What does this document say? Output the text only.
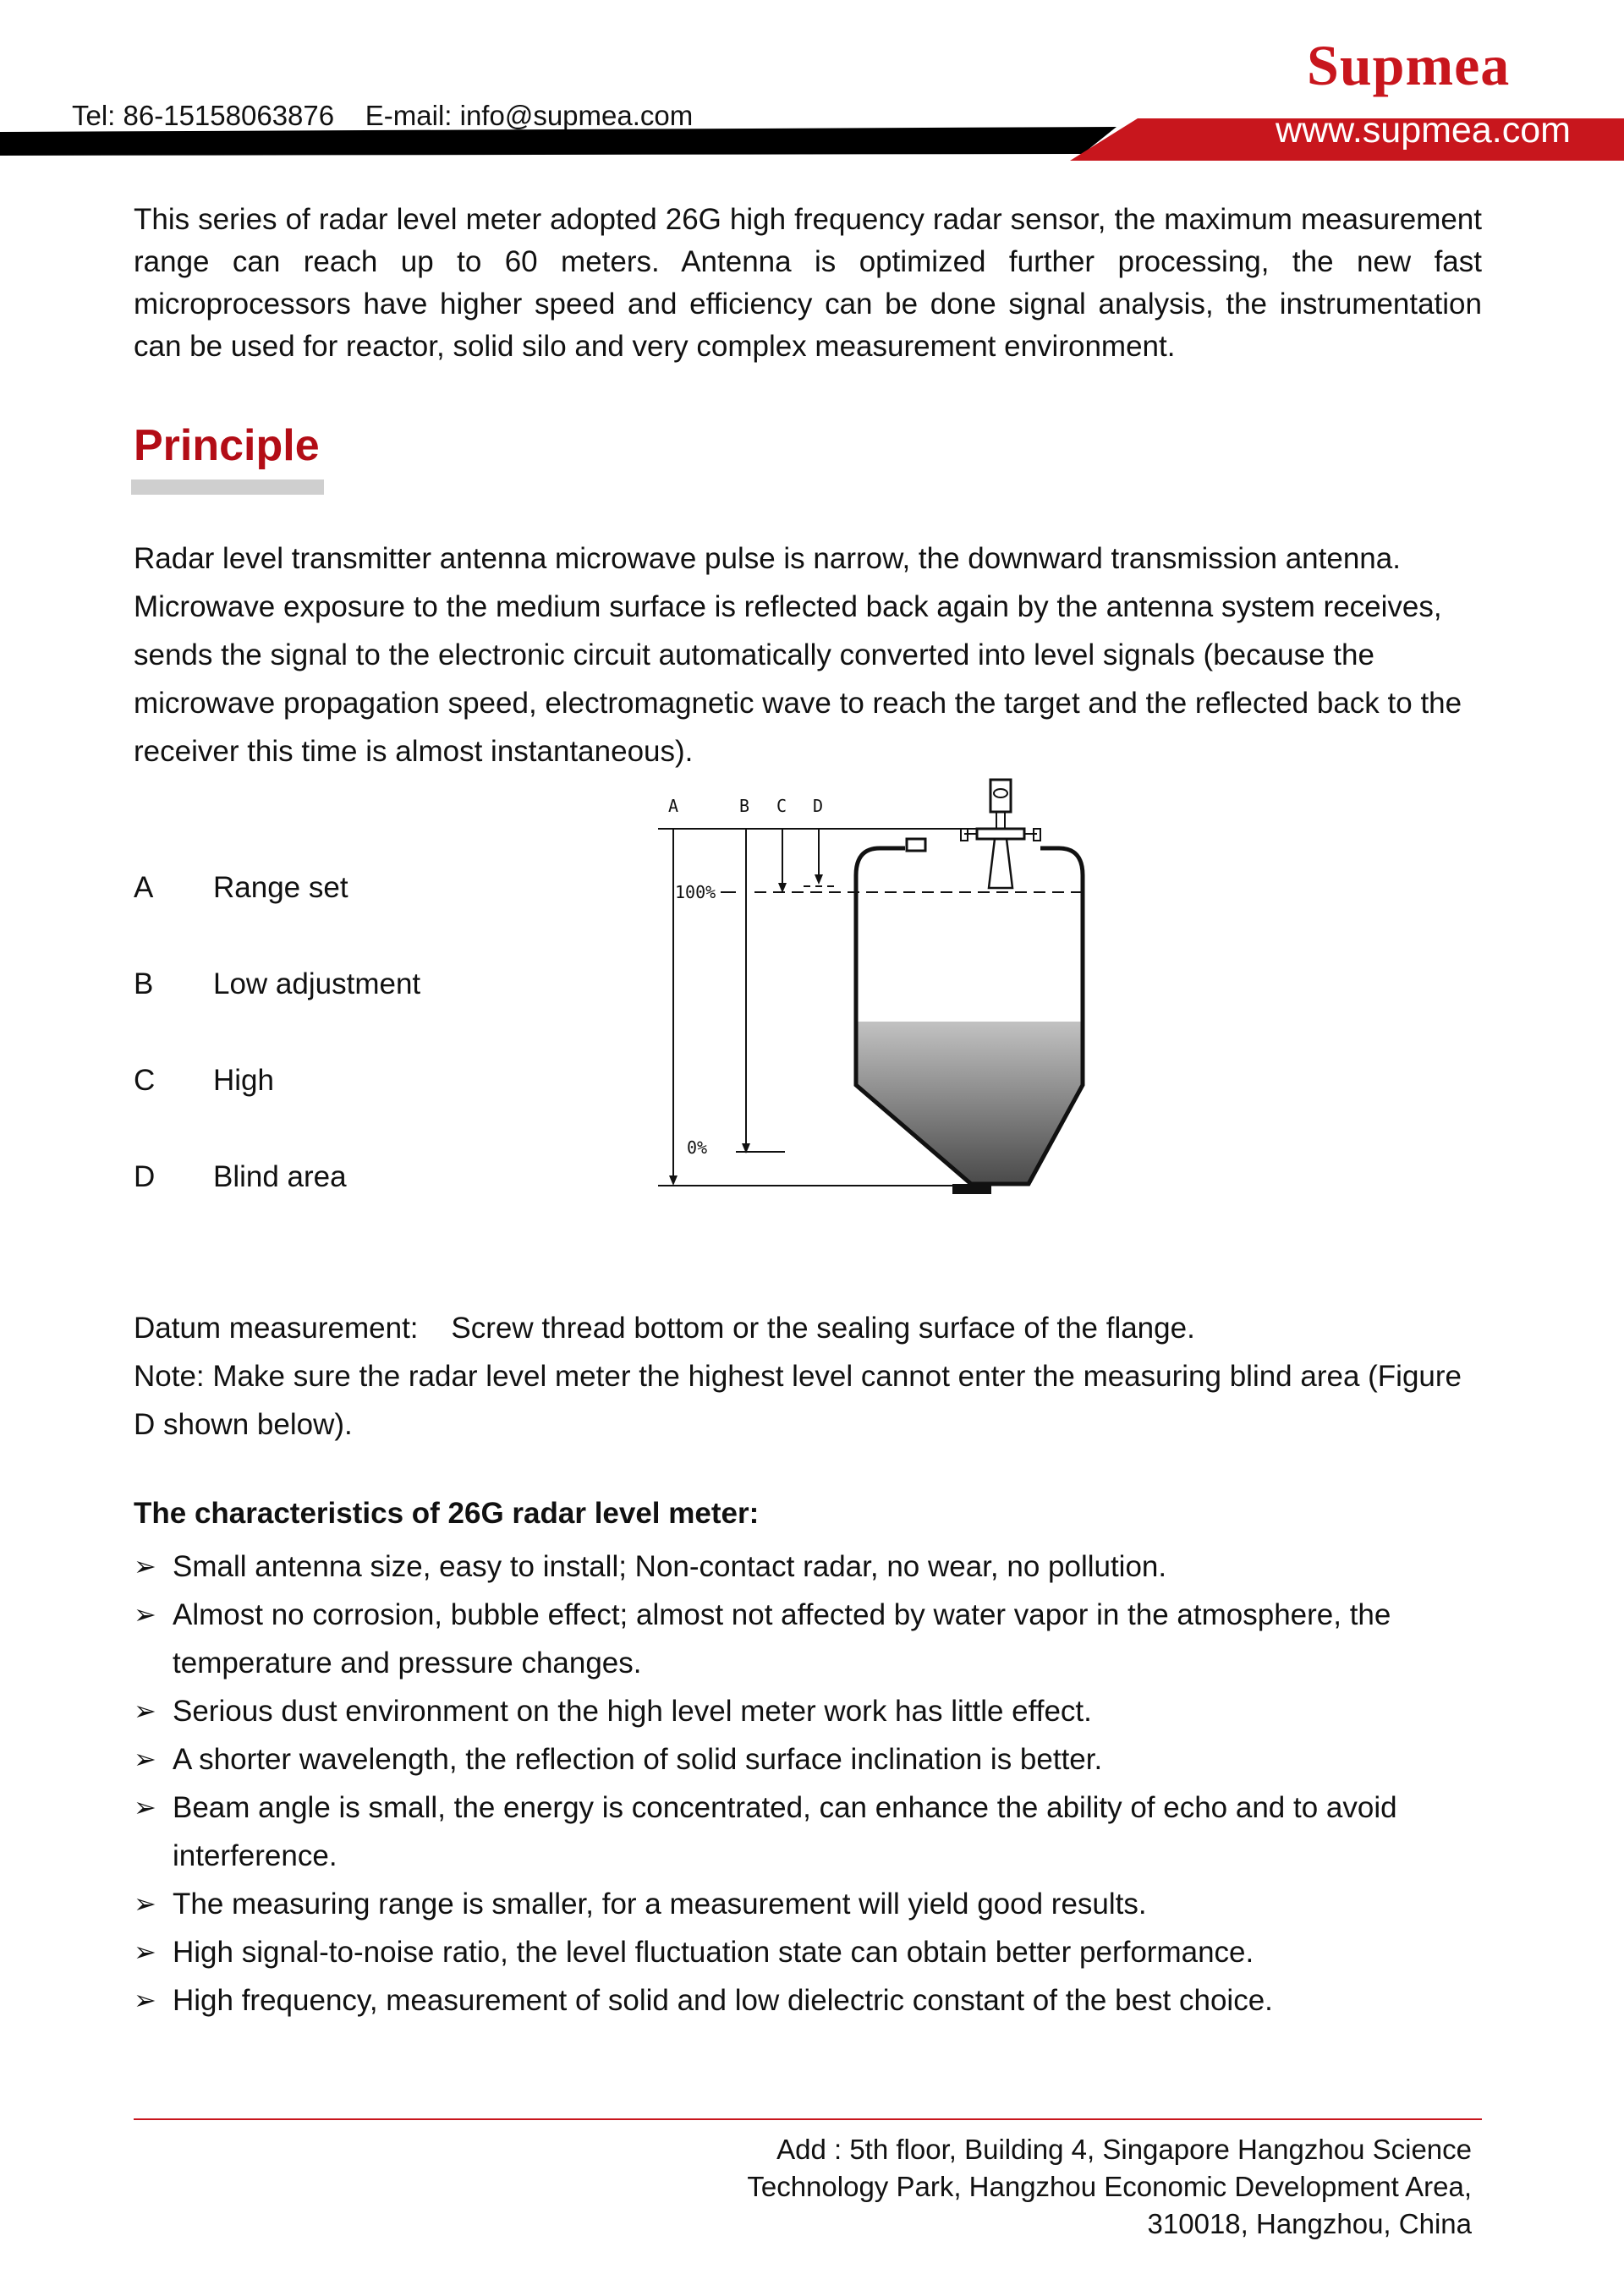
Supmea
Tel: 86-15158063876    E-mail: info@supmea.com	www.supmea.com
This series of radar level meter adopted 26G high frequency radar sensor, the maximum measurement range can reach up to 60 meters. Antenna is optimized further processing, the new fast microprocessors have higher speed and efficiency can be done signal analysis, the instrumentation can be used for reactor, solid silo and very complex measurement environment.
Principle
Radar level transmitter antenna microwave pulse is narrow, the downward transmission antenna. Microwave exposure to the medium surface is reflected back again by the antenna system receives, sends the signal to the electronic circuit automatically converted into level signals (because the microwave propagation speed, electromagnetic wave to reach the target and the reflected back to the receiver this time is almost instantaneous).
A Range set
B Low adjustment
C High
D Blind area
A	B C D
100%
0%
Datum measurement:    Screw thread bottom or the sealing surface of the flange.
Note: Make sure the radar level meter the highest level cannot enter the measuring blind area (Figure D shown below).
The characteristics of 26G radar level meter:
➢ Small antenna size, easy to install; Non-contact radar, no wear, no pollution.
➢ Almost no corrosion, bubble effect; almost not affected by water vapor in the atmosphere, the temperature and pressure changes.
➢ Serious dust environment on the high level meter work has little effect.
➢ A shorter wavelength, the reflection of solid surface inclination is better.
➢ Beam angle is small, the energy is concentrated, can enhance the ability of echo and to avoid interference.
➢ The measuring range is smaller, for a measurement will yield good results.
➢ High signal-to-noise ratio, the level fluctuation state can obtain better performance.
➢ High frequency, measurement of solid and low dielectric constant of the best choice.
Add : 5th floor, Building 4, Singapore Hangzhou Science
Technology Park, Hangzhou Economic Development Area,
310018, Hangzhou, China
